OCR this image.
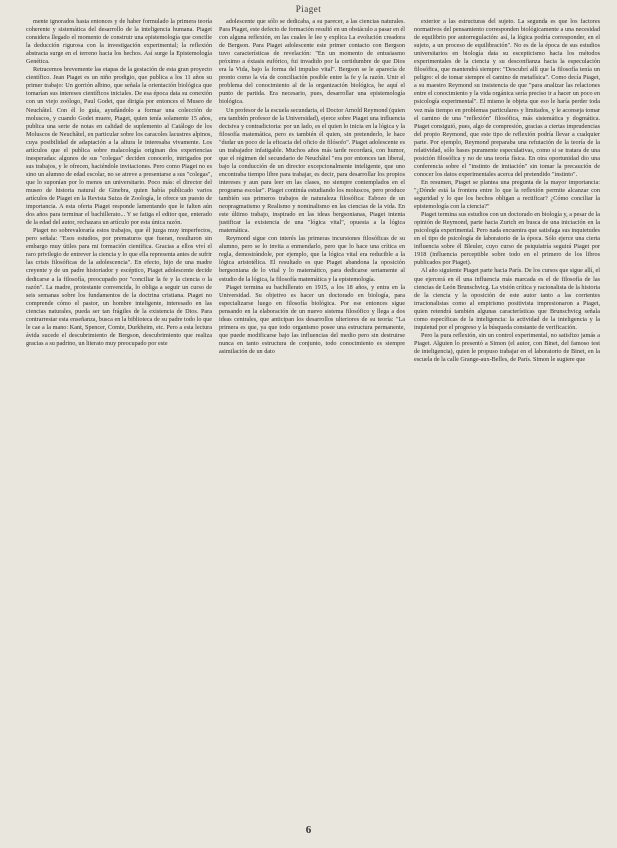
Piaget

mente ignorados hasta entonces y de haber formulado la primera teoría coherente y sistemática del desarrollo de la inteligencia humana. Piaget considera llegado el momento de construir una epistemología que concilie la deducción rigurosa con la investigación experimental; la reflexión abstracta surge en el terreno hacia los hechos. Así surge la Epistemología Genética.

Retracemos brevemente las etapas de la gestación de esta gran proyecto científico. Jean Piaget es un niño prodigio, que publica a los 11 años su primer trabajo: Un gorrión albino, que señala la orientación biológica que tomarían sus intereses científicos iniciales. De esa época data su conexión con un viejo zoólogo, Paul Godet, que dirigía por entonces el Museo de Neuchâtel. Con él lo guía, ayudándolo a formar una colección de moluscos, y cuando Godet muere, Piaget, quien tenía solamente 15 años, publica una serie de notas en calidad de suplemento al Catálogo de los Moluscos de Neuchâtel, en particular sobre los caracoles lacustres alpinos, cuya posibilidad de adaptación a la altura le interesaba vivamente. Los artículos que el publica sobre malacología originan dos experiencias inesperadas: algunos de sus "colegas" deciden conocerlo, intrigados por sus trabajos, y le ofrecen, haciéndole invitaciones. Pero como Piaget no es sino un alumno de edad escolar, no se atreve a presentarse a sus "colegas", que lo suponían por lo menos un universitario. Poco más: el director del museo de historia natural de Ginebra, quien había publicado varios artículos de Piaget en la Revista Suiza de Zoología, le ofrece un puesto de importancia. A esta oferta Piaget responde lamentando que le falten aún dos años para terminar el bachillerato... Y se fatiga el editor que, enterado de la edad del autor, rechazara un artículo por esta única razón.

Piaget no sobrevaloraría estos trabajos, que él juzga muy imperfectos, pero señala: "Esos estudios, por prematuros que fueran, resultaron sin embargo muy útiles para mi formación científica. Gracias a ellos viví el raro privilegio de entrever la ciencia y lo que ella representa antes de sufrir las crisis filosóficas de la adolescencia". En efecto, hijo de una madre creyente y de un padre historiador y escéptico, Piaget adolescente decide dedicarse a la filosofía, preocupado por "conciliar la fe y la ciencia o la razón". La madre, protestante convencida, lo obliga a seguir un curso de seis semanas sobre los fundamentos de la doctrina cristiana. Piaget no comprende cómo el pastor, un hombre inteligente, interesado en las ciencias naturales, pueda ser tan frágiles de la existencia de Dios. Para contrarrestar esta enseñanza, busca en la biblioteca de su padre todo lo que le cae a la mano: Kant, Spencer, Comte, Durkheim, etc. Pero a esta lectura ávida sucede el descubrimiento de Bergson, descubrimiento que realiza gracias a su padrino, un literato muy preocupado por este

adolescente que sólo se dedicaba, a su parecer, a las ciencias naturales. Para Piaget, este defecto de formación resultó en un obstáculo a pasar en él con alguna reflexión, en las cuales le lee y explica La evolución creadora de Bergson. Para Piaget adolescente este primer contacto con Bergson tuvo características de revelación: "En un momento de entusiasmo próximo a éxtasis eufórico, fui invadido por la certidumbre de que Dios era la Vida, bajo la forma del impulso vital". Bergson se le aparecía de pronto como la vía de conciliación posible entre la fe y la razón. Unir el problema del conocimiento al de la organización biológica, he aquí el punto de partida. Era necesario, pues, desarrollar una epistemología biológica.

Un profesor de la escuela secundaria, el Doctor Arnold Reymond (quien era también profesor de la Universidad), ejerce sobre Piaget una influencia decisiva y contradictoria: por un lado, es el quien lo inicia en la lógica y la filosofía matemática, pero es también él quien, sin pretenderlo, le hace "dudar un poco de la eficacia del oficio de filósofo". Piaget adolescente es un trabajador infatigable. Muchos años más tarde recordará, con humor, que el régimen del secundario de Neuchâtel "era por entonces tan liberal, bajo la conducción de un director excepcionalmente inteligente, que uno encontraba tiempo libre para trabajar, es decir, para desarrollar los propios intereses y aun para leer en las clases, no siempre contemplados en el programa escolar". Piaget continúa estudiando los moluscos, pero produce también sus primeros trabajos de naturaleza filosófica: Esbozo de un neopragmatismo y Realismo y nominalismo en las ciencias de la vida. En este último trabajo, inspirado en las ideas bergsonianas, Piaget intenta justificar la existencia de una "lógica vital", opuesta a la lógica matemática.

Reymond sigue con interés las primeras incursiones filosóficas de su alumno, pero se lo invita a enmendarlo, pero que lo hace una crítica en regla, demostrándole, por ejemplo, que la lógica vital era reducible a la lógica aristotélica. El resultado es que Piaget abandona la oposición bergsoniana de lo vital y lo matemático, para dedicarse seriamente al estudio de la lógica, la filosofía matemática y la epistemología.

Piaget termina su bachillerato en 1915, a los 18 años, y entra en la Universidad. Su objetivo es hacer un doctorado en biología, para especializarse luego en filosofía biológica. Por ese entonces sigue pensando en la elaboración de un nuevo sistema filosófico y llega a dos ideas centrales, que anticipan los desarrollos ulteriores de su teoría: "La primera es que, ya que todo organismo posee una estructura permanente, que puede modificarse bajo las influencias del medio pero sin destruirse nunca en tanto estructura de conjunto, todo conocimiento es siempre asimilación de un dato

exterior a las estructuras del sujeto. La segunda es que los factores normativos del pensamiento corresponden biológicamente a una necesidad de equilibrio por autorregulación: así, la lógica podría corresponder, en el sujeto, a un proceso de equilibración". No es de la época de sus estudios universitarios en biología data su escepticismo hacia los métodos experimentales de la ciencia y su desconfianza hacia la especulación filosófica, que mantendrá siempre: "Descubrí allí que la filosofía tenía un peligro: el de tomar siempre el camino de metafísica". Como decía Piaget, a su maestro Reymond su insistencia de que "para analizar las relaciones entre el conocimiento y la vida orgánica sería preciso ir a hacer un poco en psicología experimental". El mismo le objeta que eso le haría perder toda vez más tiempo en problemas particulares y limitados, y le aconseja tomar el camino de una "reflexión" filosófica, más sistemática y dogmática. Piaget consiguió, pues, algo de compresión, gracias a ciertas imprudencias del propio Reymond, que este tipo de reflexión podría llevar a cualquier parte. Por ejemplo, Reymond preparaba una refutación de la teoría de la relatividad, sólo bases puramente especulativas, como si se tratara de una posición filosófica y no de una teoría física. En otra oportunidad dio una conferencia sobre el "instinto de imitación" sin tomar la precaución de conocer los datos experimentales acerca del pretendido "instinto".

En resumen, Piaget se plantea una pregunta de la mayor importancia: "¿Dónde está la frontera entre lo que la reflexión permite alcanzar con seguridad y lo que los hechos obligan a rectificar? ¿Cómo conciliar la epistemología con la ciencia?"

Piaget termina sus estudios con un doctorado en biología y, a pesar de la opinión de Reymond, parte hacia Zurich en busca de una iniciación en la psicología experimental. Pero nada encuentra que satisfaga sus inquietudes en el tipo de psicología de laboratorio de la época. Sólo ejerce una cierta influencia sobre él Bleuler, cuyo curso de psiquiatría seguirá Piaget por 1918 (influencia perceptible sobre todo en el primero de los libros publicados por Piaget).

Al año siguiente Piaget parte hacia París. De los cursos que sigue allí, el que ejercerá en él una influencia más marcada es el de filosofía de las ciencias de León Brunschvicg. La visión crítica y racionalista de la historia de la ciencia y la oposición de este autor tanto a las corrientes irracionalistas como al empirismo positivista impresionaron a Piaget, quien retendrá también algunas características que Brunschvicg señala como específicas de la inteligencia: la actividad de la inteligencia y la inquietud por el progreso y la búsqueda constante de verificación.

Pero la pura reflexión, sin un control experimental, no satisfizo jamás a Piaget. Alguien lo presentó a Simon (el autor, con Binet, del famoso test de inteligencia), quien le propuso trabajar en el laboratorio de Binet, en la escuela de la calle Grange-aux-Belles, de París. Simon le sugiere que

6
